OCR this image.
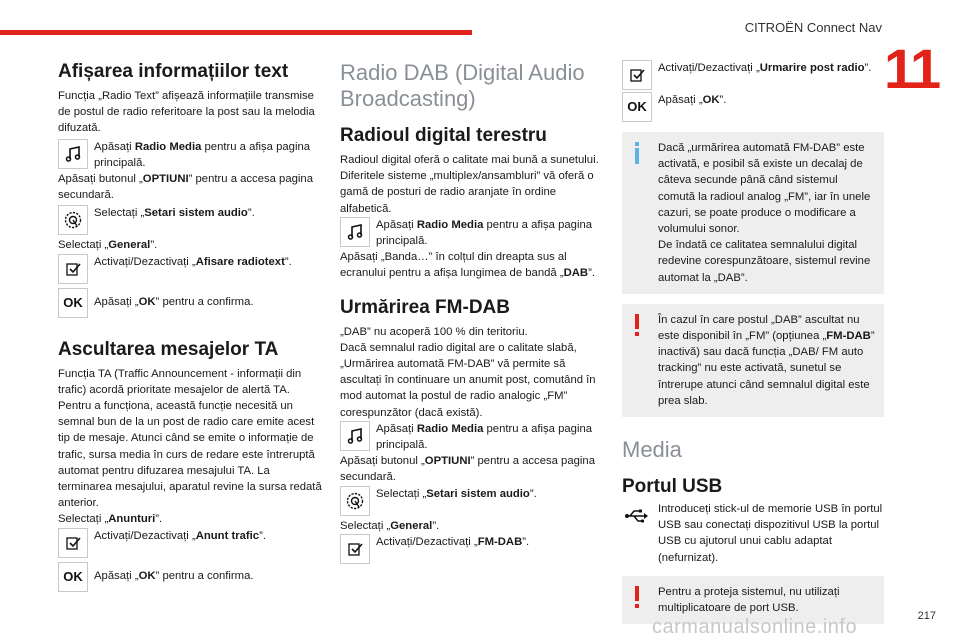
CITROËN Connect Nav
11
Afișarea informațiilor text

Funcția „Radio Text” afișează informațiile transmise de postul de radio referitoare la post sau la melodia difuzată.

Apăsați Radio Media pentru a afișa pagina principală.

Apăsați butonul „OPTIUNI” pentru a accesa pagina secundară.

Selectați „Setari sistem audio”.

Selectați „General”.

Activați/Dezactivați „Afisare radiotext”.

OK Apăsați „OK” pentru a confirma.

Ascultarea mesajelor TA

Funcția TA (Traffic Announcement - informații din trafic) acordă prioritate mesajelor de alertă TA. Pentru a funcționa, această funcție necesită un semnal bun de la un post de radio care emite acest tip de mesaje. Atunci când se emite o informație de trafic, sursa media în curs de redare este întreruptă automat pentru difuzarea mesajului TA. La terminarea mesajului, aparatul revine la sursa redată anterior.

Selectați „Anunturi”.

Activați/Dezactivați „Anunt trafic”.

OK Apăsați „OK” pentru a confirma.

Radio DAB (Digital Audio Broadcasting)
Radioul digital terestru

Radioul digital oferă o calitate mai bună a sunetului.

Diferitele sisteme „multiplex/ansambluri” vă oferă o gamă de posturi de radio aranjate în ordine alfabetică.

Apăsați Radio Media pentru a afișa pagina principală.

Apăsați „Banda…” în colțul din dreapta sus al ecranului pentru a afișa lungimea de bandă „DAB”.

Urmărirea FM-DAB

„DAB” nu acoperă 100 % din teritoriu.

Dacă semnalul radio digital are o calitate slabă, „Urmărirea automată FM-DAB” vă permite să ascultați în continuare un anumit post, comutând în mod automat la postul de radio analogic „FM” corespunzător (dacă există).

Apăsați Radio Media pentru a afișa pagina principală.

Apăsați butonul „OPTIUNI” pentru a accesa pagina secundară.

Selectați „Setari sistem audio”.

Selectați „General”.

Activați/Dezactivați „FM-DAB”.

Activați/Dezactivați „Urmarire post radio”.

OK Apăsați „OK”.

Dacă „urmărirea automată FM-DAB” este activată, e posibil să existe un decalaj de câteva secunde până când sistemul comută la radioul analog „FM”, iar în unele cazuri, se poate produce o modificare a volumului sonor.

De îndată ce calitatea semnalului digital redevine corespunzătoare, sistemul revine automat la „DAB”.

În cazul în care postul „DAB” ascultat nu este disponibil în „FM” (opțiunea „FM-DAB” inactivă) sau dacă funcția „DAB/ FM auto tracking” nu este activată, sunetul se întrerupe atunci când semnalul digital este prea slab.

Media
Portul USB

Introduceți stick-ul de memorie USB în portul USB sau conectați dispozitivul USB la portul USB cu ajutorul unui cablu adaptat (nefurnizat).

Pentru a proteja sistemul, nu utilizați multiplicatoare de port USB.

217
carmanualsonline.info
